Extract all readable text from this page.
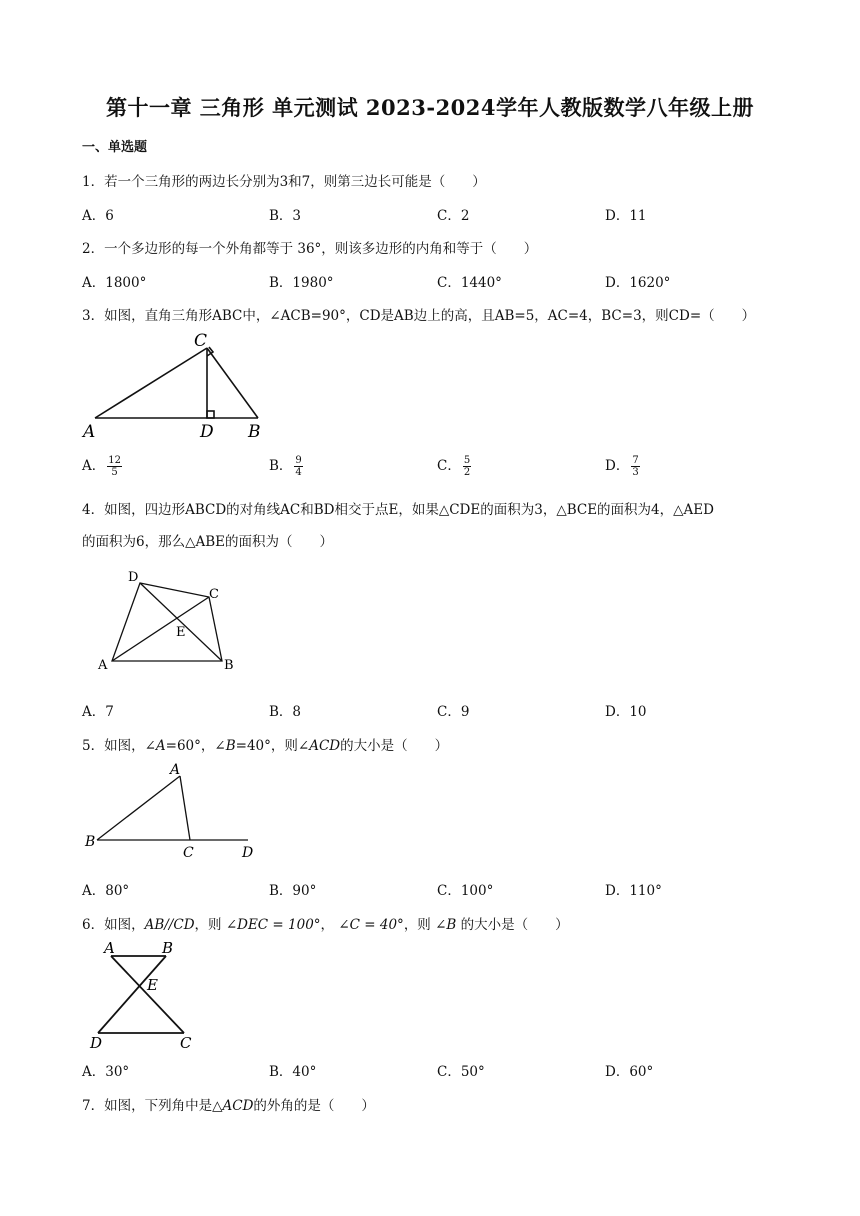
第十一章 三角形 单元测试 2023-2024学年人教版数学八年级上册
一、单选题
1．若一个三角形的两边长分别为3和7，则第三边长可能是（　　）
A．6	B．3	C．2	D．11
2．一个多边形的每一个外角都等于 36°，则该多边形的内角和等于（　　）
A．1800°	B．1980°	C．1440°	D．1620°
3．如图，直角三角形ABC中，∠ACB=90°，CD是AB边上的高，且AB=5，AC=4，BC=3，则CD=（　　）
C
A	D B
A． $\frac{12}{5}$	B． $\frac{9}{4}$	C． $\frac{5}{2}$	D． $\frac{7}{3}$
4．如图，四边形ABCD的对角线AC和BD相交于点E，如果△CDE的面积为3，△BCE的面积为4，△AED
的面积为6，那么△ABE的面积为（　　）
D
C
E
A	B
A．7	B．8	C．9	D．10
5．如图，∠A=60°，∠B=40°，则∠ACD的大小是（　　）
A
B
C	D
A．80°	B．90°	C．100°	D．110°
6．如图，AB//CD，则 ∠DEC = 100°， ∠C = 40°，则 ∠B 的大小是（　　）
A	B
E
D	C
A．30°	B．40°	C．50°	D．60°
7．如图，下列角中是△ACD的外角的是（　　）
